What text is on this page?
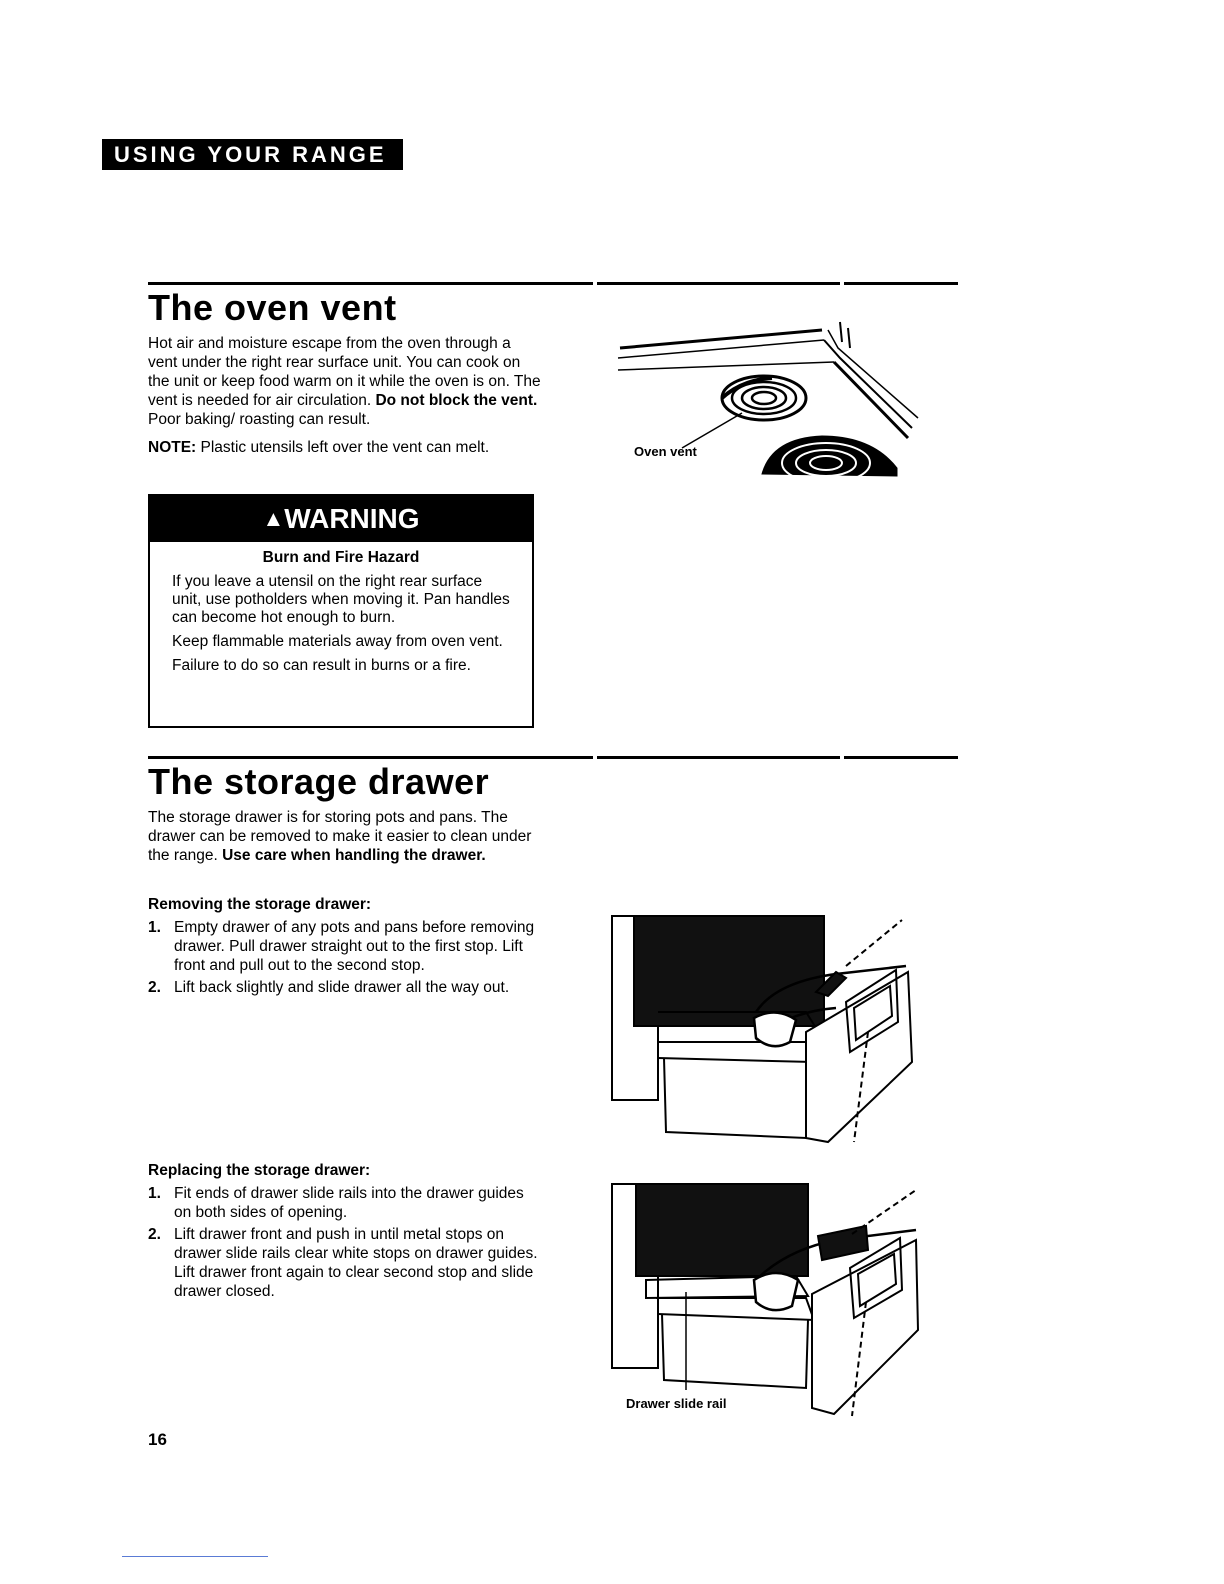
USING YOUR RANGE
The oven vent

Hot air and moisture escape from the oven through a vent under the right rear surface unit. You can cook on the unit or keep food warm on it while the oven is on. The vent is needed for air circulation. Do not block the vent. Poor baking/ roasting can result.

NOTE: Plastic utensils left over the vent can melt.	Oven vent
▲WARNING
Burn and Fire Hazard

If you leave a utensil on the right rear surface unit, use potholders when moving it. Pan handles can become hot enough to burn.

Keep flammable materials away from oven vent.

Failure to do so can result in burns or a fire.

The storage drawer

The storage drawer is for storing pots and pans. The drawer can be removed to make it easier to clean under the range. Use care when handling the drawer.

Removing the storage drawer:
1. Empty drawer of any pots and pans before removing drawer. Pull drawer straight out to the first stop. Lift front and pull out to the second stop.
2. Lift back slightly and slide drawer all the way out.
Replacing the storage drawer:
1. Fit ends of drawer slide rails into the drawer guides on both sides of opening.
2. Lift drawer front and push in until metal stops on drawer slide rails clear white stops on drawer guides. Lift drawer front again to clear second stop and slide drawer closed.
Drawer slide rail
16
